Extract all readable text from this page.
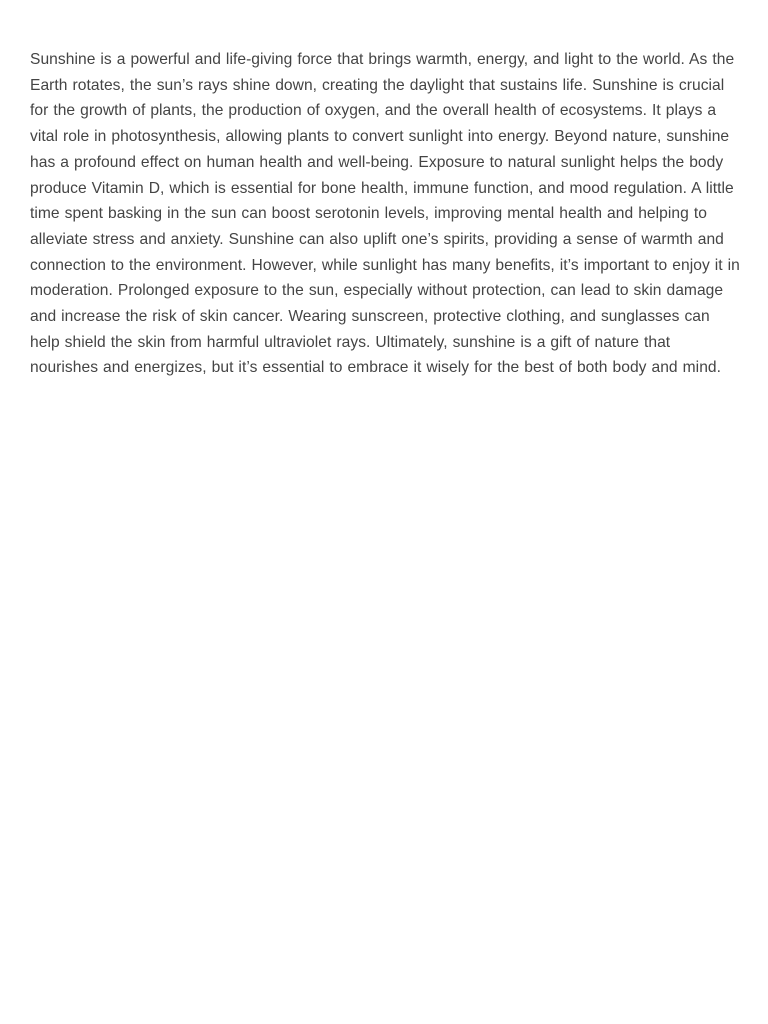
Sunshine is a powerful and life-giving force that brings warmth, energy, and light to the world. As the Earth rotates, the sun’s rays shine down, creating the daylight that sustains life. Sunshine is crucial for the growth of plants, the production of oxygen, and the overall health of ecosystems. It plays a vital role in photosynthesis, allowing plants to convert sunlight into energy. Beyond nature, sunshine has a profound effect on human health and well-being. Exposure to natural sunlight helps the body produce Vitamin D, which is essential for bone health, immune function, and mood regulation. A little time spent basking in the sun can boost serotonin levels, improving mental health and helping to alleviate stress and anxiety. Sunshine can also uplift one’s spirits, providing a sense of warmth and connection to the environment. However, while sunlight has many benefits, it’s important to enjoy it in moderation. Prolonged exposure to the sun, especially without protection, can lead to skin damage and increase the risk of skin cancer. Wearing sunscreen, protective clothing, and sunglasses can help shield the skin from harmful ultraviolet rays. Ultimately, sunshine is a gift of nature that nourishes and energizes, but it’s essential to embrace it wisely for the best of both body and mind.
